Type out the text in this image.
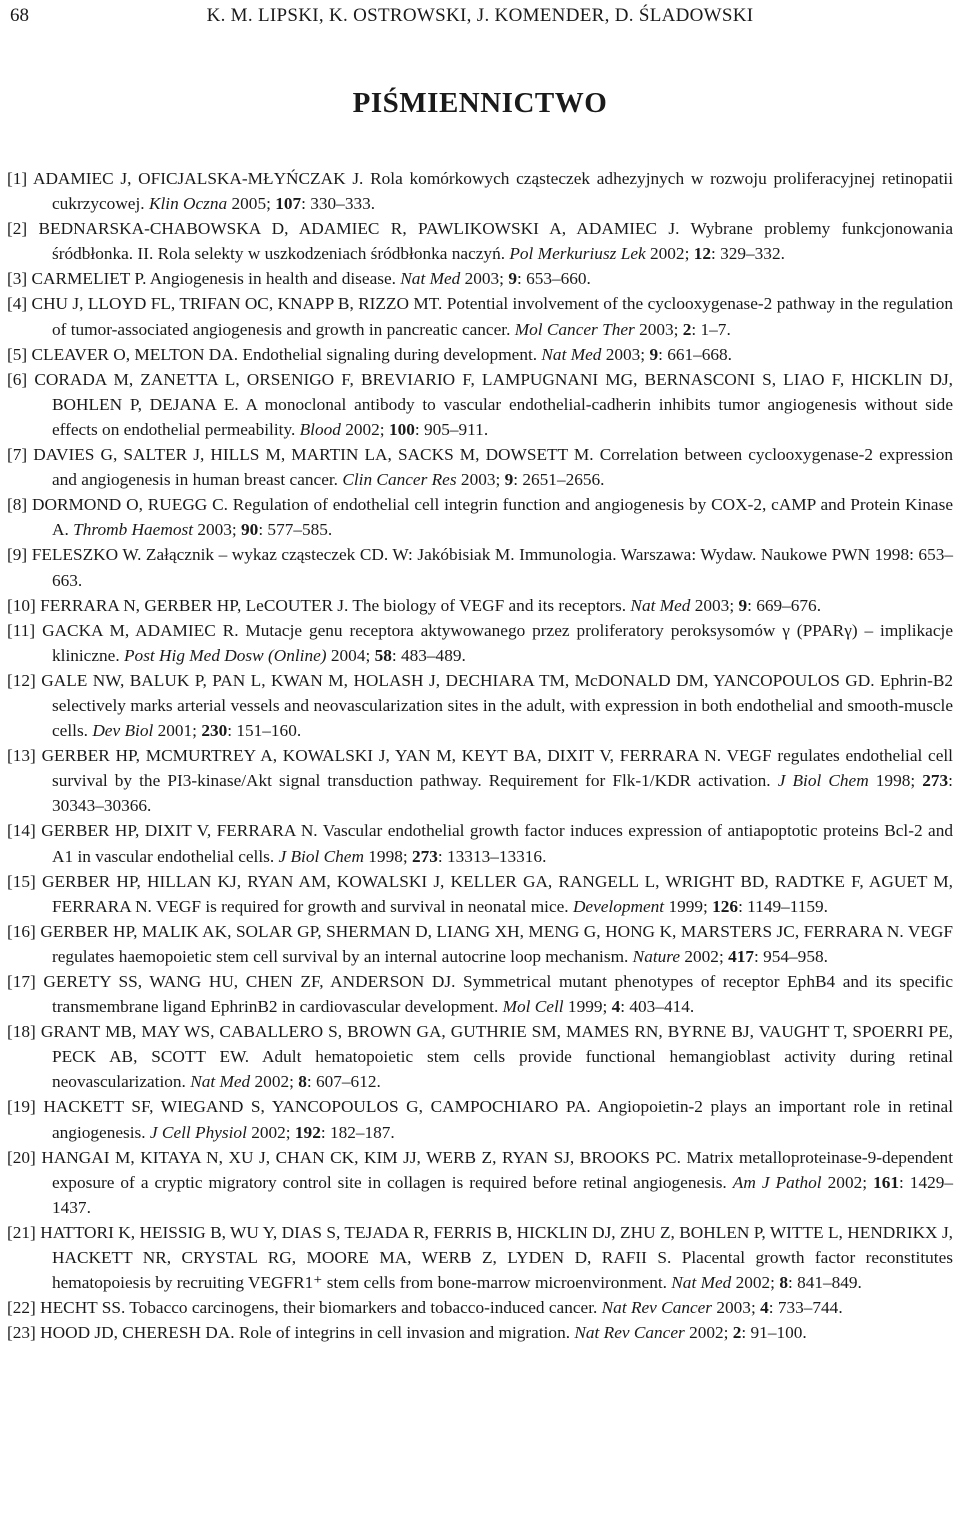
68	K. M. LIPSKI, K. OSTROWSKI, J. KOMENDER, D. ŚLADOWSKI
PIŚMIENNICTWO
[1] ADAMIEC J, OFICJALSKA-MŁYŃCZAK J. Rola komórkowych cząsteczek adhezyjnych w rozwoju proliferacyjnej retinopatii cukrzycowej. Klin Oczna 2005; 107: 330–333.
[2] BEDNARSKA-CHABOWSKA D, ADAMIEC R, PAWLIKOWSKI A, ADAMIEC J. Wybrane problemy funkcjonowania śródbłonka. II. Rola selekty w uszkodzeniach śródbłonka naczyń. Pol Merkuriusz Lek 2002; 12: 329–332.
[3] CARMELIET P. Angiogenesis in health and disease. Nat Med 2003; 9: 653–660.
[4] CHU J, LLOYD FL, TRIFAN OC, KNAPP B, RIZZO MT. Potential involvement of the cyclooxygenase-2 pathway in the regulation of tumor-associated angiogenesis and growth in pancreatic cancer. Mol Cancer Ther 2003; 2: 1–7.
[5] CLEAVER O, MELTON DA. Endothelial signaling during development. Nat Med 2003; 9: 661–668.
[6] CORADA M, ZANETTA L, ORSENIGO F, BREVIARIO F, LAMPUGNANI MG, BERNASCONI S, LIAO F, HICKLIN DJ, BOHLEN P, DEJANA E. A monoclonal antibody to vascular endothelial-cadherin inhibits tumor angiogenesis without side effects on endothelial permeability. Blood 2002; 100: 905–911.
[7] DAVIES G, SALTER J, HILLS M, MARTIN LA, SACKS M, DOWSETT M. Correlation between cyclooxygenase-2 expression and angiogenesis in human breast cancer. Clin Cancer Res 2003; 9: 2651–2656.
[8] DORMOND O, RUEGG C. Regulation of endothelial cell integrin function and angiogenesis by COX-2, cAMP and Protein Kinase A. Thromb Haemost 2003; 90: 577–585.
[9] FELESZKO W. Załącznik – wykaz cząsteczek CD. W: Jakóbisiak M. Immunologia. Warszawa: Wydaw. Naukowe PWN 1998: 653–663.
[10] FERRARA N, GERBER HP, LeCOUTER J. The biology of VEGF and its receptors. Nat Med 2003; 9: 669–676.
[11] GACKA M, ADAMIEC R. Mutacje genu receptora aktywowanego przez proliferatory peroksysomów γ (PPARγ) – implikacje kliniczne. Post Hig Med Dosw (Online) 2004; 58: 483–489.
[12] GALE NW, BALUK P, PAN L, KWAN M, HOLASH J, DECHIARA TM, McDONALD DM, YANCOPOULOS GD. Ephrin-B2 selectively marks arterial vessels and neovascularization sites in the adult, with expression in both endothelial and smooth-muscle cells. Dev Biol 2001; 230: 151–160.
[13] GERBER HP, MCMURTREY A, KOWALSKI J, YAN M, KEYT BA, DIXIT V, FERRARA N. VEGF regulates endothelial cell survival by the PI3-kinase/Akt signal transduction pathway. Requirement for Flk-1/KDR activation. J Biol Chem 1998; 273: 30343–30366.
[14] GERBER HP, DIXIT V, FERRARA N. Vascular endothelial growth factor induces expression of antiapoptotic proteins Bcl-2 and A1 in vascular endothelial cells. J Biol Chem 1998; 273: 13313–13316.
[15] GERBER HP, HILLAN KJ, RYAN AM, KOWALSKI J, KELLER GA, RANGELL L, WRIGHT BD, RADTKE F, AGUET M, FERRARA N. VEGF is required for growth and survival in neonatal mice. Development 1999; 126: 1149–1159.
[16] GERBER HP, MALIK AK, SOLAR GP, SHERMAN D, LIANG XH, MENG G, HONG K, MARSTERS JC, FERRARA N. VEGF regulates haemopoietic stem cell survival by an internal autocrine loop mechanism. Nature 2002; 417: 954–958.
[17] GERETY SS, WANG HU, CHEN ZF, ANDERSON DJ. Symmetrical mutant phenotypes of receptor EphB4 and its specific transmembrane ligand EphrinB2 in cardiovascular development. Mol Cell 1999; 4: 403–414.
[18] GRANT MB, MAY WS, CABALLERO S, BROWN GA, GUTHRIE SM, MAMES RN, BYRNE BJ, VAUGHT T, SPOERRI PE, PECK AB, SCOTT EW. Adult hematopoietic stem cells provide functional hemangioblast activity during retinal neovascularization. Nat Med 2002; 8: 607–612.
[19] HACKETT SF, WIEGAND S, YANCOPOULOS G, CAMPOCHIARO PA. Angiopoietin-2 plays an important role in retinal angiogenesis. J Cell Physiol 2002; 192: 182–187.
[20] HANGAI M, KITAYA N, XU J, CHAN CK, KIM JJ, WERB Z, RYAN SJ, BROOKS PC. Matrix metalloproteinase-9-dependent exposure of a cryptic migratory control site in collagen is required before retinal angiogenesis. Am J Pathol 2002; 161: 1429–1437.
[21] HATTORI K, HEISSIG B, WU Y, DIAS S, TEJADA R, FERRIS B, HICKLIN DJ, ZHU Z, BOHLEN P, WITTE L, HENDRIKX J, HACKETT NR, CRYSTAL RG, MOORE MA, WERB Z, LYDEN D, RAFII S. Placental growth factor reconstitutes hematopoiesis by recruiting VEGFR1⁺ stem cells from bone-marrow microenvironment. Nat Med 2002; 8: 841–849.
[22] HECHT SS. Tobacco carcinogens, their biomarkers and tobacco-induced cancer. Nat Rev Cancer 2003; 4: 733–744.
[23] HOOD JD, CHERESH DA. Role of integrins in cell invasion and migration. Nat Rev Cancer 2002; 2: 91–100.
